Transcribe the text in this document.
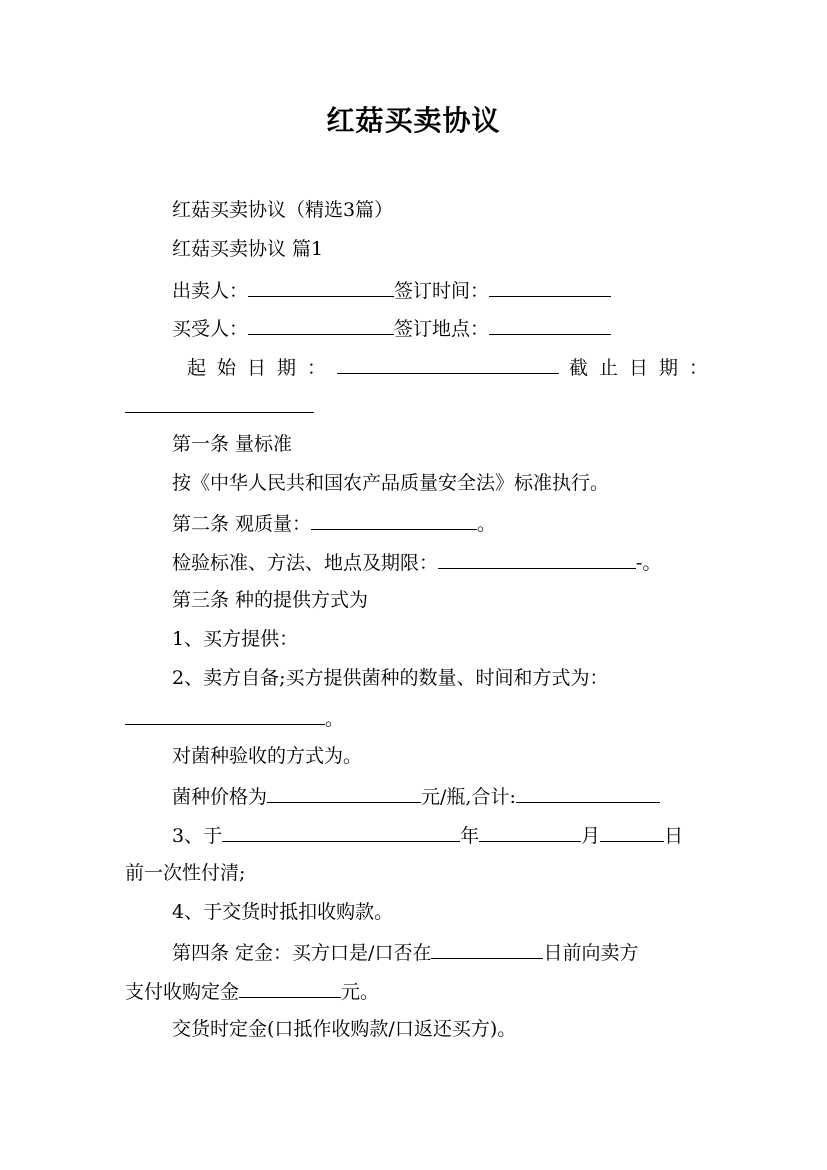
红菇买卖协议
红菇买卖协议（精选3篇）
红菇买卖协议 篇1
出卖人：	签订时间：
买受人：	签订地点：
起始日期：	截止日期：
第一条 量标准
按《中华人民共和国农产品质量安全法》标准执行。
第二条 观质量：	。
检验标准、方法、地点及期限：	-。
第三条 种的提供方式为
1、买方提供：
2、卖方自备;买方提供菌种的数量、时间和方式为：
。
对菌种验收的方式为。
菌种价格为	元/瓶,合计:
3、于	年	月	日
前一次性付清;
4、于交货时抵扣收购款。
第四条 定金：买方口是/口否在	日前向卖方
支付收购定金	元。
交货时定金(口抵作收购款/口返还买方)。
